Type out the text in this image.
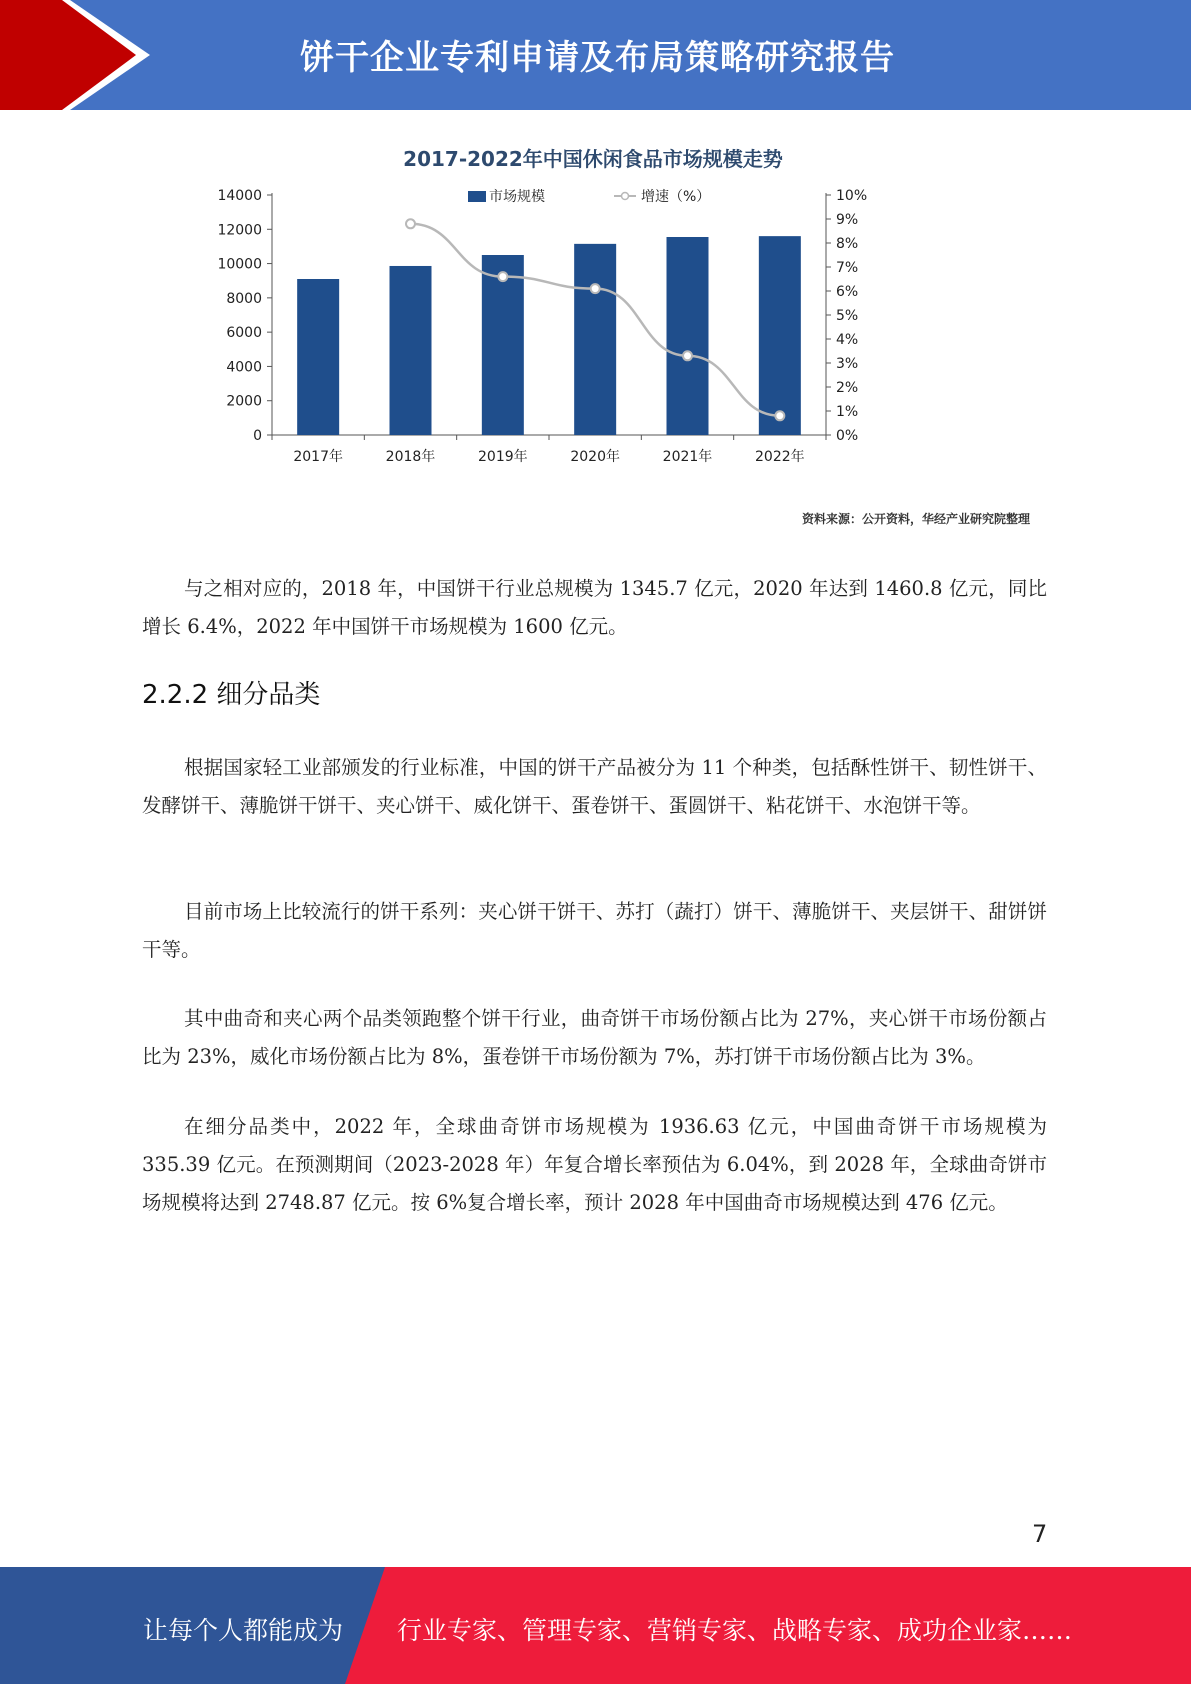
饼干企业专利申请及布局策略研究报告
2017-2022年中国休闲食品市场规模走势
市场规模	增速（%）
0
2000
4000
6000
8000
10000
12000
14000
0%
1%
2%
3%
4%
5%
6%
7%
8%
9%
10%
2017年	2018年	2019年	2020年	2021年	2022年
资料来源：公开资料，华经产业研究院整理

与之相对应的，2018 年，中国饼干行业总规模为 1345.7 亿元，2020 年达到 1460.8 亿元，同比增长 6.4%，2022 年中国饼干市场规模为 1600 亿元。

2.2.2 细分品类

根据国家轻工业部颁发的行业标准，中国的饼干产品被分为 11 个种类，包括酥性饼干、韧性饼干、发酵饼干、薄脆饼干饼干、夹心饼干、威化饼干、蛋卷饼干、蛋圆饼干、粘花饼干、水泡饼干等。

目前市场上比较流行的饼干系列：夹心饼干饼干、苏打（蔬打）饼干、薄脆饼干、夹层饼干、甜饼饼干等。

其中曲奇和夹心两个品类领跑整个饼干行业，曲奇饼干市场份额占比为 27%，夹心饼干市场份额占比为 23%，威化市场份额占比为 8%，蛋卷饼干市场份额为 7%，苏打饼干市场份额占比为 3%。

在细分品类中，2022 年，全球曲奇饼市场规模为 1936.63 亿元，中国曲奇饼干市场规模为 335.39 亿元。在预测期间（2023-2028 年）年复合增长率预估为 6.04%，到 2028 年，全球曲奇饼市场规模将达到 2748.87 亿元。按 6%复合增长率，预计 2028 年中国曲奇市场规模达到 476 亿元。

7
让每个人都能成为 行业专家、管理专家、营销专家、战略专家、成功企业家……
